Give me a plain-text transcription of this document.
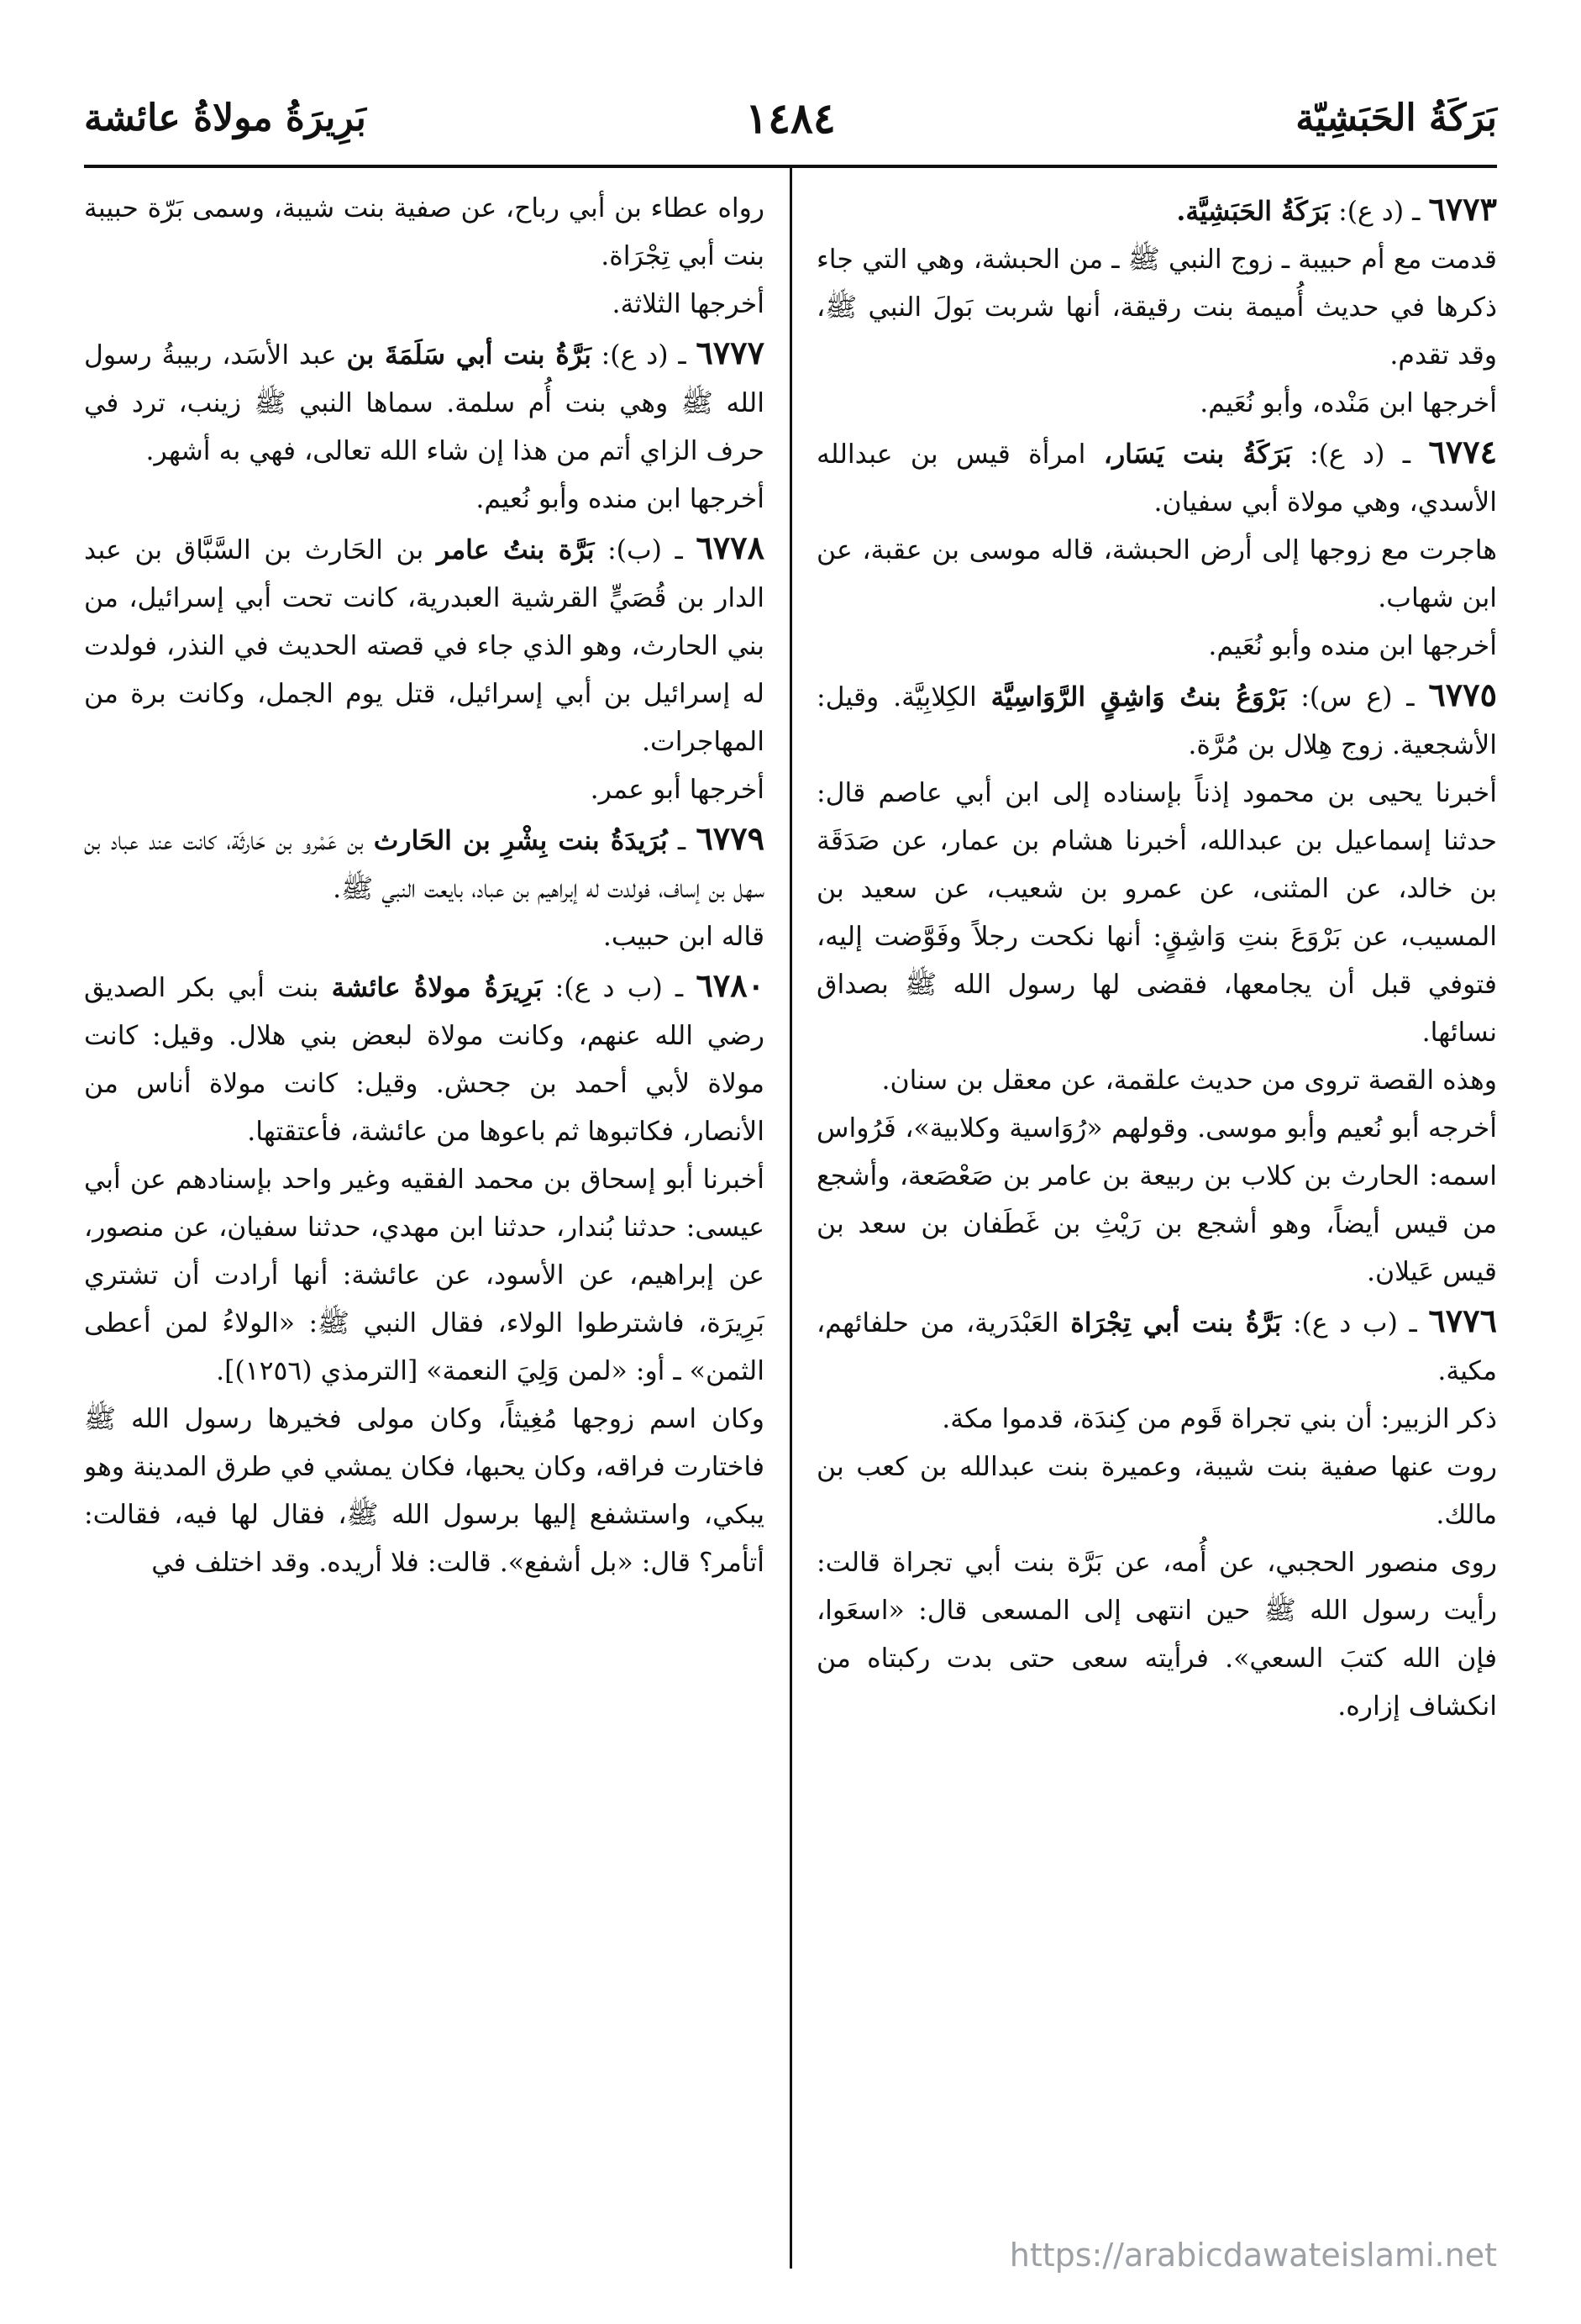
بَرَكَةُ الحَبَشِيّة
١٤٨٤
بَرِيرَةُ مولاةُ عائشة

٦٧٧٣ ـ (د ع): بَرَكَةُ الحَبَشِيَّة.

قدمت مع أم حبيبة ـ زوج النبي ﷺ ـ من الحبشة، وهي التي جاء ذكرها في حديث أُميمة بنت رقيقة، أنها شربت بَولَ النبي ﷺ، وقد تقدم.

أخرجها ابن مَنْده، وأبو نُعَيم.

٦٧٧٤ ـ (د ع): بَرَكَةُ بنت يَسَار، امرأة قيس بن عبدالله الأسدي، وهي مولاة أبي سفيان.

هاجرت مع زوجها إلى أرض الحبشة، قاله موسى بن عقبة، عن ابن شهاب.

أخرجها ابن منده وأبو نُعَيم.

٦٧٧٥ ـ (ع س): بَرْوَعُ بنتُ وَاشِقٍ الرَّوَاسِيَّة الكِلابِيَّة. وقيل: الأشجعية. زوج هِلال بن مُرَّة.

أخبرنا يحيى بن محمود إذناً بإسناده إلى ابن أبي عاصم قال: حدثنا إسماعيل بن عبدالله، أخبرنا هشام بن عمار، عن صَدَقَة بن خالد، عن المثنى، عن عمرو بن شعيب، عن سعيد بن المسيب، عن بَرْوَعَ بنتِ وَاشِقٍ: أنها نكحت رجلاً وفَوَّضت إليه، فتوفي قبل أن يجامعها، فقضى لها رسول الله ﷺ بصداق نسائها.

وهذه القصة تروى من حديث علقمة، عن معقل بن سنان.

أخرجه أبو نُعيم وأبو موسى. وقولهم «رُوَاسية وكلابية»، فَرُواس اسمه: الحارث بن كلاب بن ربيعة بن عامر بن صَعْصَعة، وأشجع من قيس أيضاً، وهو أشجع بن رَيْثِ بن غَطَفان بن سعد بن قيس عَيلان.

٦٧٧٦ ـ (ب د ع): بَرَّةُ بنت أبي تِجْرَاة العَبْدَرية، من حلفائهم، مكية.

ذكر الزبير: أن بني تجراة قَوم من كِندَة، قدموا مكة.

روت عنها صفية بنت شيبة، وعميرة بنت عبدالله بن كعب بن مالك.

روى منصور الحجبي، عن أُمه، عن بَرَّة بنت أبي تجراة قالت: رأيت رسول الله ﷺ حين انتهى إلى المسعى قال: «اسعَوا، فإن الله كتبَ السعي». فرأيته سعى حتى بدت ركبتاه من انكشاف إزاره.

رواه عطاء بن أبي رباح، عن صفية بنت شيبة، وسمى بَرّة حبيبة بنت أبي تِجْرَاة.

أخرجها الثلاثة.

٦٧٧٧ ـ (د ع): بَرَّةُ بنت أبي سَلَمَةَ بن عبد الأسَد، ربيبةُ رسول الله ﷺ وهي بنت أُم سلمة. سماها النبي ﷺ زينب، ترد في حرف الزاي أتم من هذا إن شاء الله تعالى، فهي به أشهر.

أخرجها ابن منده وأبو نُعيم.

٦٧٧٨ ـ (ب): بَرَّة بنتُ عامر بن الحَارث بن السَّبَّاق بن عبد الدار بن قُصَيٍّ القرشية العبدرية، كانت تحت أبي إسرائيل، من بني الحارث، وهو الذي جاء في قصته الحديث في النذر، فولدت له إسرائيل بن أبي إسرائيل، قتل يوم الجمل، وكانت برة من المهاجرات.

أخرجها أبو عمر.

٦٧٧٩ ـ بُرَيدَةُ بنت بِشْرِ بن الحَارث بن عَمْرو بن حَارثَة، كانت عند عباد بن سهل بن إساف، فولدت له إبراهيم بن عباد، بايعت النبي ﷺ.

قاله ابن حبيب.

٦٧٨٠ ـ (ب د ع): بَرِيرَةُ مولاةُ عائشة بنت أبي بكر الصديق رضي الله عنهم، وكانت مولاة لبعض بني هلال. وقيل: كانت مولاة لأبي أحمد بن جحش. وقيل: كانت مولاة أناس من الأنصار، فكاتبوها ثم باعوها من عائشة، فأعتقتها.

أخبرنا أبو إسحاق بن محمد الفقيه وغير واحد بإسنادهم عن أبي عيسى: حدثنا بُندار، حدثنا ابن مهدي، حدثنا سفيان، عن منصور، عن إبراهيم، عن الأسود، عن عائشة: أنها أرادت أن تشتري بَرِيرَة، فاشترطوا الولاء، فقال النبي ﷺ: «الولاءُ لمن أعطى الثمن» ـ أو: «لمن وَلِيَ النعمة» [الترمذي (١٢٥٦)].

وكان اسم زوجها مُغِيثاً، وكان مولى فخيرها رسول الله ﷺ فاختارت فراقه، وكان يحبها، فكان يمشي في طرق المدينة وهو يبكي، واستشفع إليها برسول الله ﷺ، فقال لها فيه، فقالت: أتأمر؟ قال: «بل أشفع». قالت: فلا أريده. وقد اختلف في

https://arabicdawateislami.net
